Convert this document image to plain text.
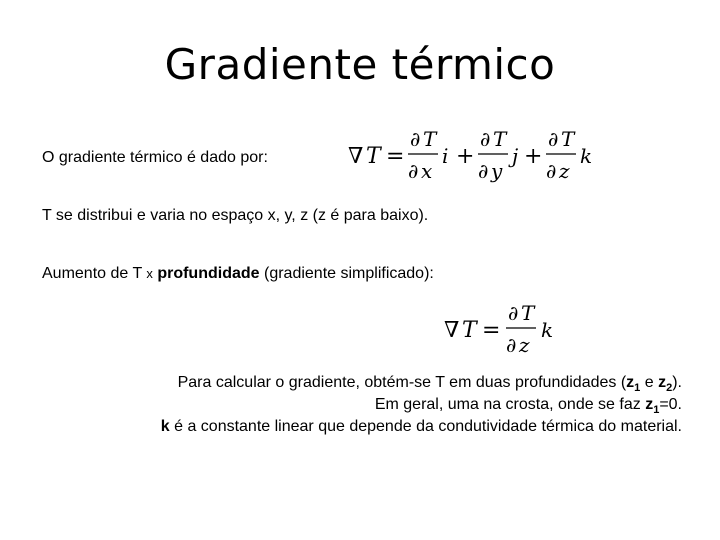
Gradiente térmico
O gradiente térmico é dado por:	∇ T =
∂ T
∂ x
i +
∂ T
∂ y
j +
∂ T
∂ z
k
T se distribui e varia no espaço x, y, z (z é para baixo).
Aumento de T x profundidade (gradiente simplificado):
∇ T =
∂ T
∂ z
k
Para calcular o gradiente, obtém-se T em duas profundidades ($z_1$ e $z_2$).
Em geral, uma na crosta, onde se faz $z_1=0$.
k é a constante linear que depende da condutividade térmica do material.
